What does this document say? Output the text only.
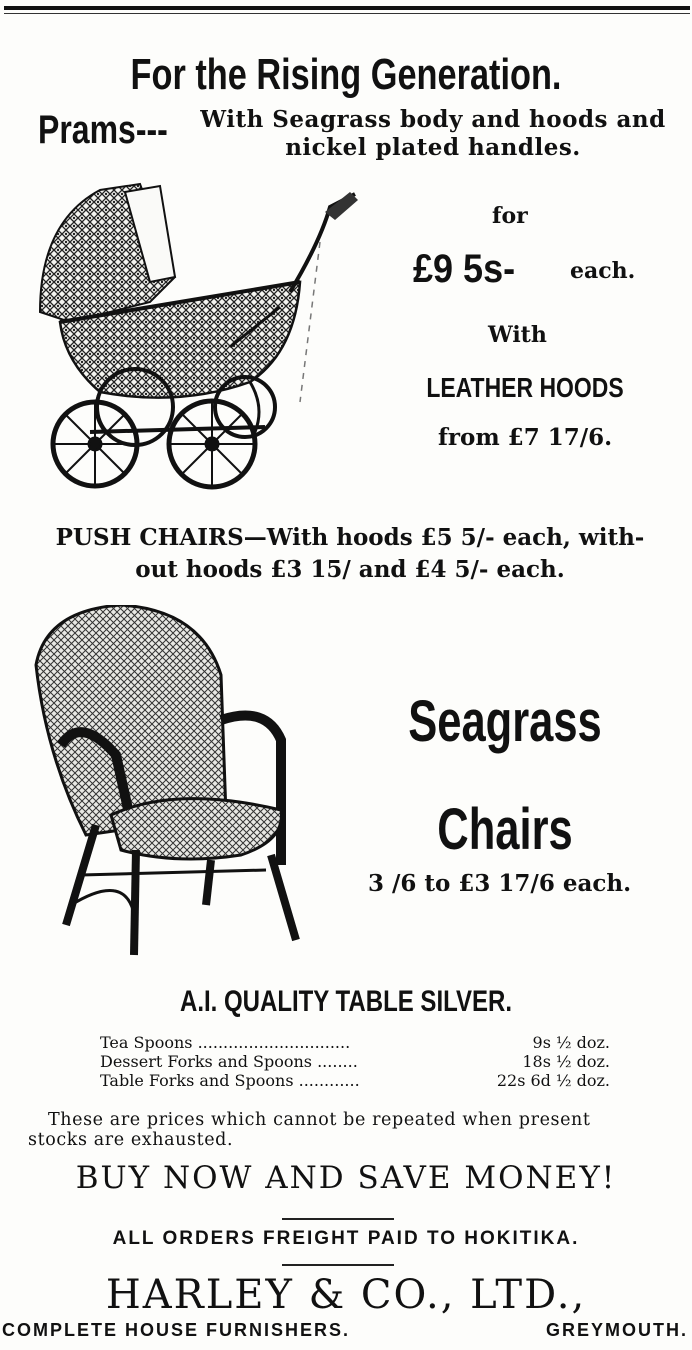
For the Rising Generation.
Prams--- With Seagrass body and hoods and
nickel plated handles.
for
£9 5s- each.
With
LEATHER HOODS
from £7 17/6.
PUSH CHAIRS—With hoods £5 5/- each, with-
out hoods £3 15/ and £4 5/- each.
Seagrass
Chairs
3 /6 to £3 17/6 each.
A.I. QUALITY TABLE SILVER.
Tea Spoons ..............................	9s ½ doz.
Dessert Forks and Spoons ........	18s ½ doz.
Table Forks and Spoons ............	22s 6d ½ doz.
These are prices which cannot be repeated when present
stocks are exhausted.
BUY NOW AND SAVE MONEY!
ALL ORDERS FREIGHT PAID TO HOKITIKA.
HARLEY & CO., LTD.,
COMPLETE HOUSE FURNISHERS.	GREYMOUTH.
